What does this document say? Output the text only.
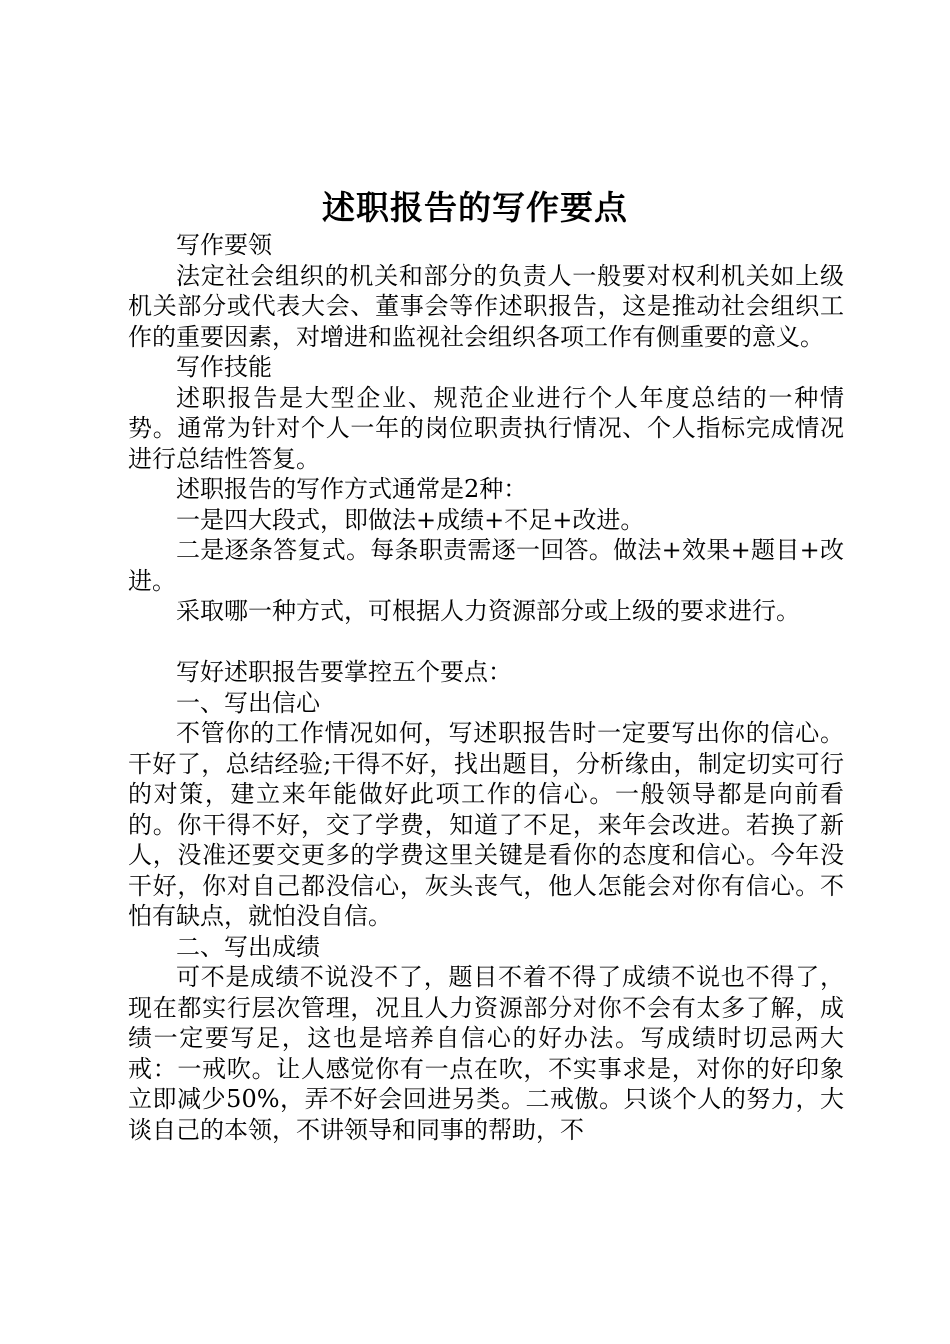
述职报告的写作要点

写作要领

法定社会组织的机关和部分的负责人一般要对权利机关如上级机关部分或代表大会、董事会等作述职报告，这是推动社会组织工作的重要因素，对增进和监视社会组织各项工作有侧重要的意义。

写作技能

述职报告是大型企业、规范企业进行个人年度总结的一种情势。通常为针对个人一年的岗位职责执行情况、个人指标完成情况进行总结性答复。

述职报告的写作方式通常是2种：

一是四大段式，即做法+成绩+不足+改进。

二是逐条答复式。每条职责需逐一回答。做法+效果+题目+改进。

采取哪一种方式，可根据人力资源部分或上级的要求进行。

写好述职报告要掌控五个要点：

一、写出信心

不管你的工作情况如何，写述职报告时一定要写出你的信心。干好了，总结经验;干得不好，找出题目，分析缘由，制定切实可行的对策，建立来年能做好此项工作的信心。一般领导都是向前看的。你干得不好，交了学费，知道了不足，来年会改进。若换了新人，没准还要交更多的学费这里关键是看你的态度和信心。今年没干好，你对自己都没信心，灰头丧气，他人怎能会对你有信心。不怕有缺点，就怕没自信。

二、写出成绩

可不是成绩不说没不了，题目不着不得了成绩不说也不得了，现在都实行层次管理，况且人力资源部分对你不会有太多了解，成绩一定要写足，这也是培养自信心的好办法。写成绩时切忌两大戒：一戒吹。让人感觉你有一点在吹，不实事求是，对你的好印象立即减少50%，弄不好会回进另类。二戒傲。只谈个人的努力，大谈自己的本领，不讲领导和同事的帮助，不
